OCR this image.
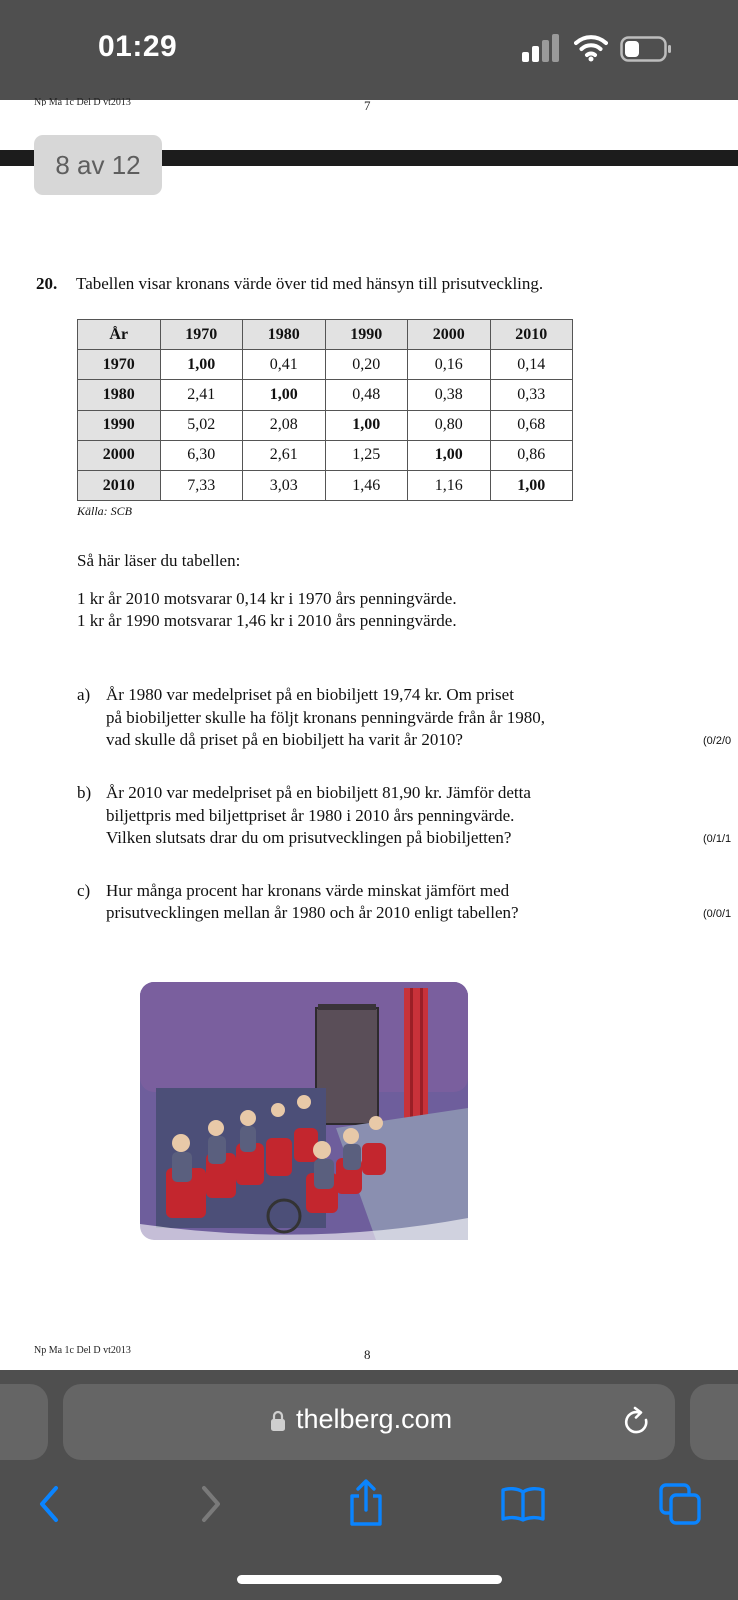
01:29
Np Ma 1c Del D vt2013	7
8 av 12
20. Tabellen visar kronans värde över tid med hänsyn till prisutveckling.
År	1970	1980	1990	2000	2010
1970	1,00	0,41	0,20	0,16	0,14
1980	2,41	1,00	0,48	0,38	0,33
1990	5,02	2,08	1,00	0,80	0,68
2000	6,30	2,61	1,25	1,00	0,86
2010	7,33	3,03	1,46	1,16	1,00
Källa: SCB
Så här läser du tabellen:
1 kr år 2010 motsvarar 0,14 kr i 1970 års penningvärde.
1 kr år 1990 motsvarar 1,46 kr i 2010 års penningvärde.
a) År 1980 var medelpriset på en biobiljett 19,74 kr. Om priset
på biobiljetter skulle ha följt kronans penningvärde från år 1980,
vad skulle då priset på en biobiljett ha varit år 2010?	(0/2/0
b) År 2010 var medelpriset på en biobiljett 81,90 kr. Jämför detta
biljettpris med biljettpriset år 1980 i 2010 års penningvärde.
Vilken slutsats drar du om prisutvecklingen på biobiljetten?	(0/1/1
c) Hur många procent har kronans värde minskat jämfört med
prisutvecklingen mellan år 1980 och år 2010 enligt tabellen?	(0/0/1
Np Ma 1c Del D vt2013	8
thelberg.com
